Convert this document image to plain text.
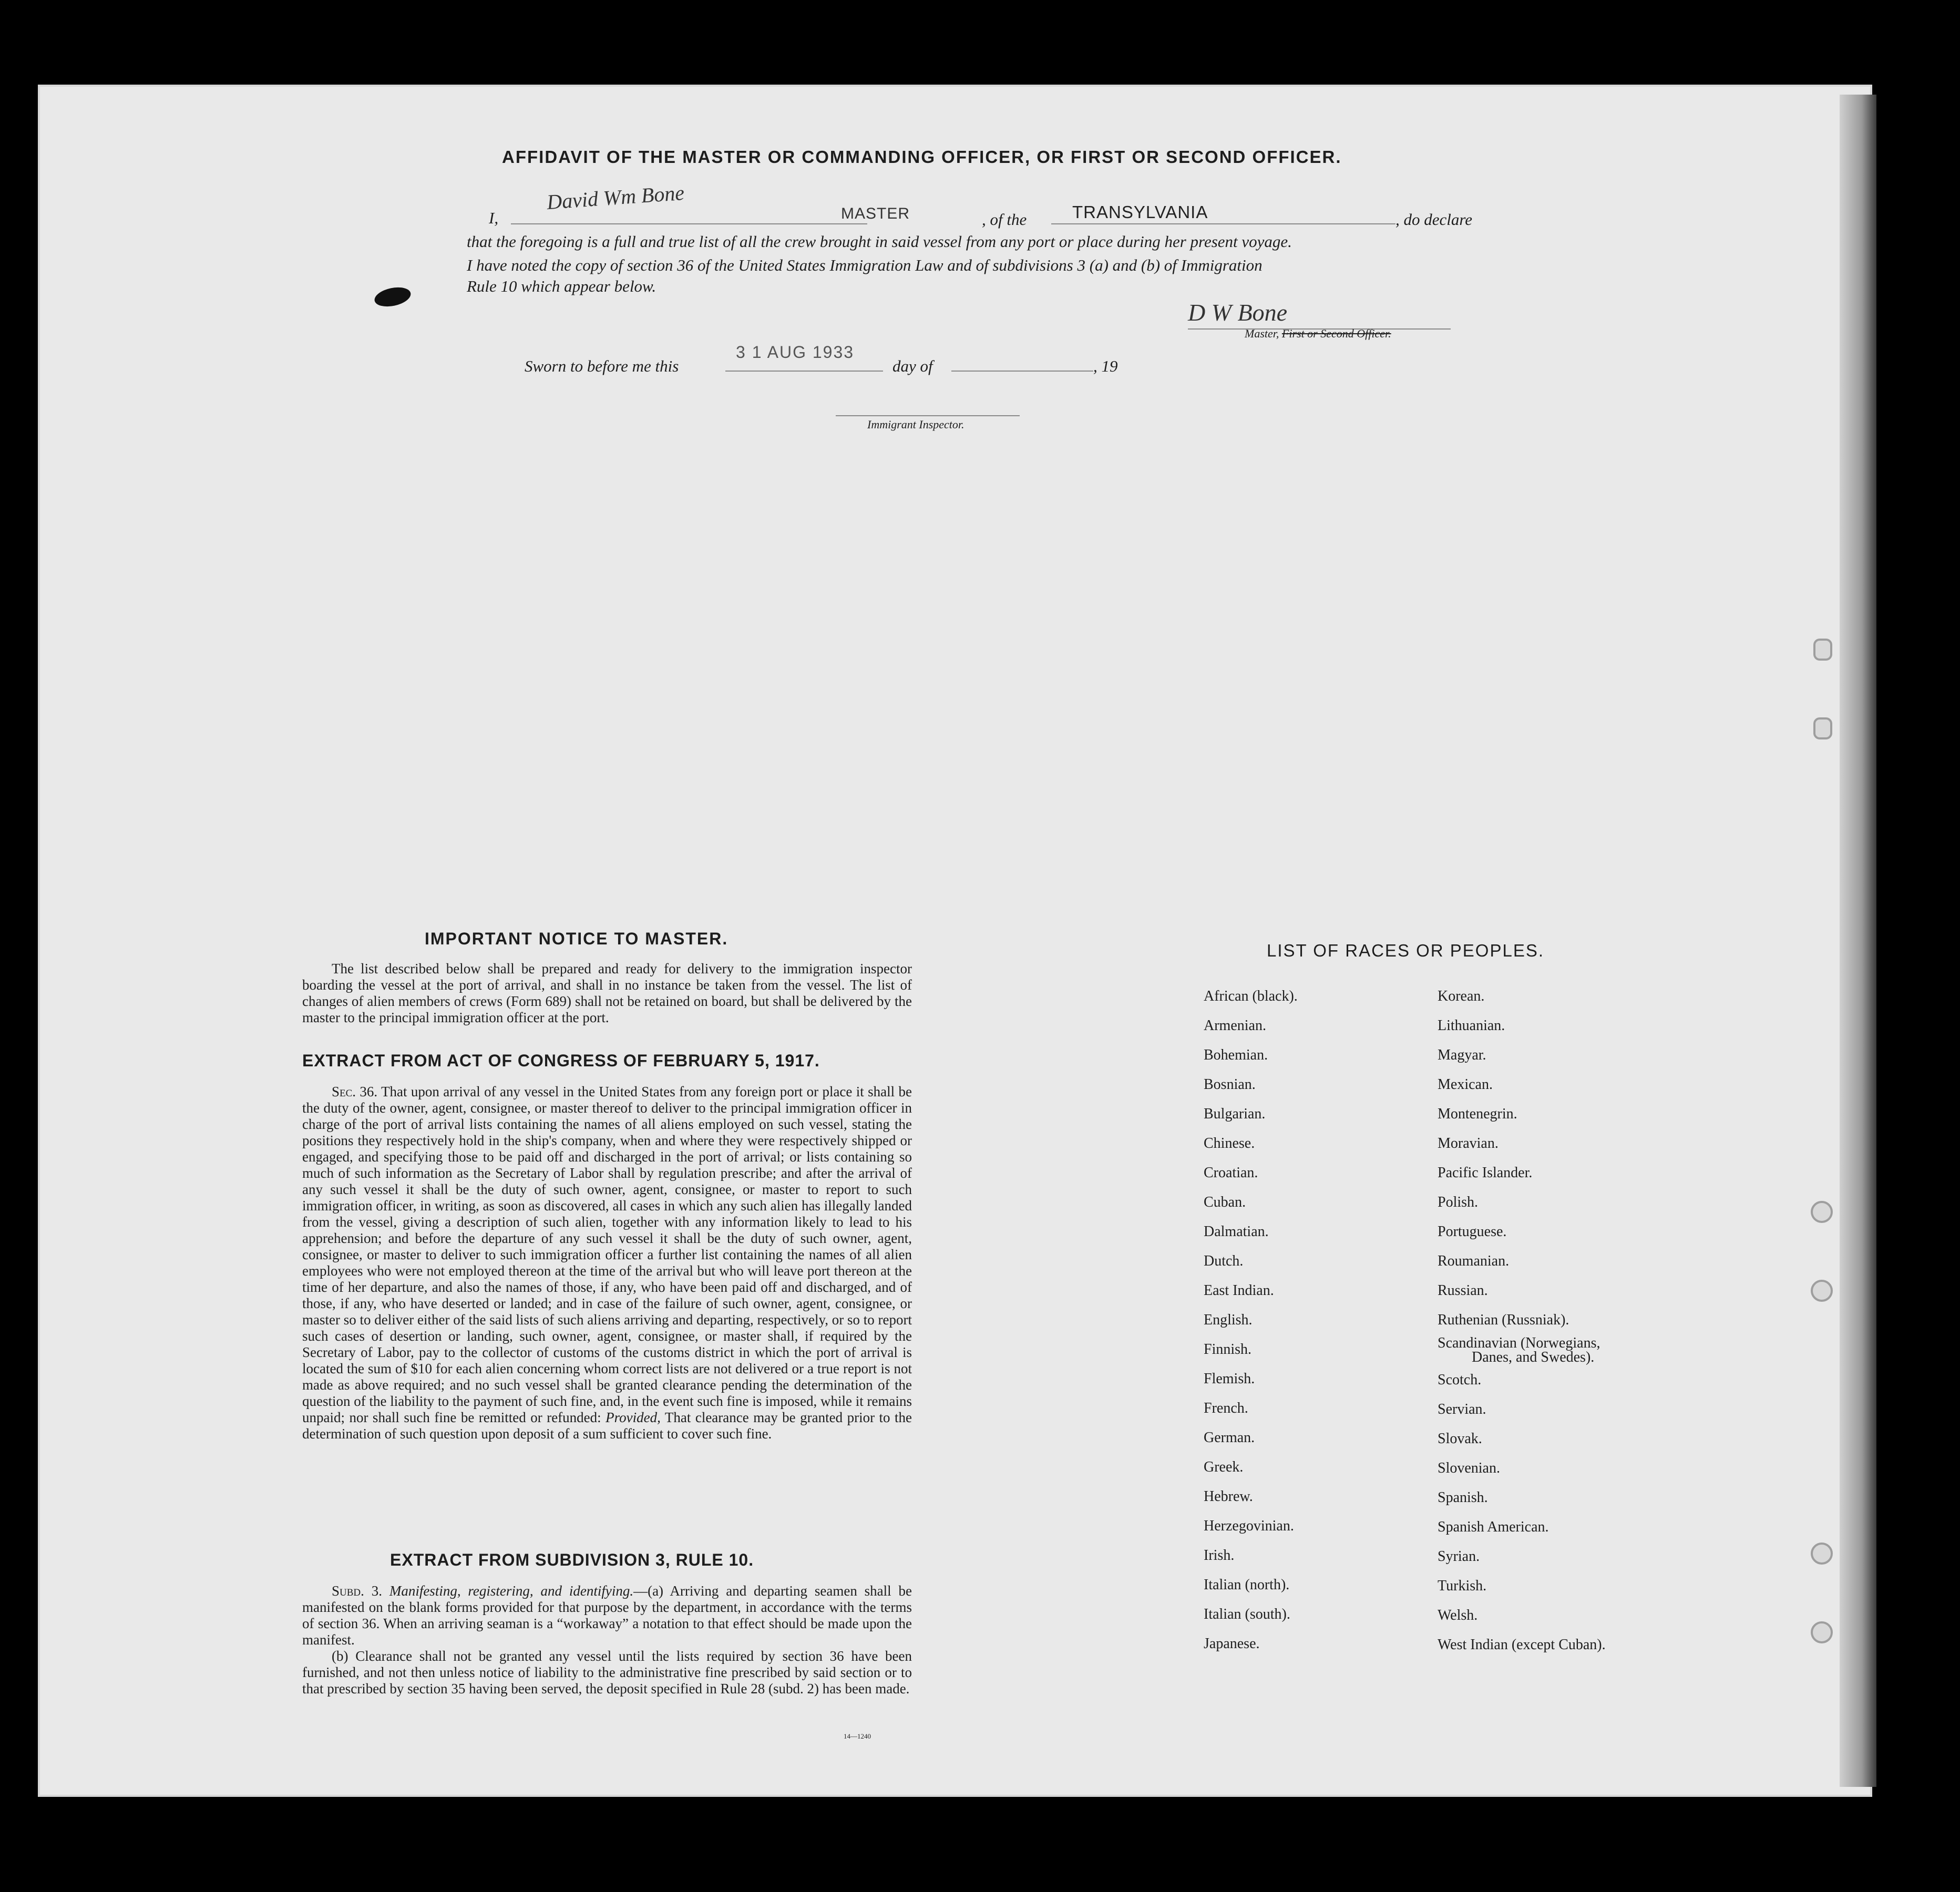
AFFIDAVIT OF THE MASTER OR COMMANDING OFFICER, OR FIRST OR SECOND OFFICER.
I,
David Wm Bone	MASTER	, of the	TRANSYLVANIA	, do declare
that the foregoing is a full and true list of all the crew brought in said vessel from any port or place during her present voyage.
I have noted the copy of section 36 of the United States Immigration Law and of subdivisions 3 (a) and (b) of Immigration
Rule 10 which appear below.
D W Bone
Master, First or Second Officer.
Sworn to before me this
3 1 AUG 1933
day of	, 19
Immigrant Inspector.
IMPORTANT NOTICE TO MASTER.

The list described below shall be prepared and ready for delivery to the immigration inspector boarding the vessel at the port of arrival, and shall in no instance be taken from the vessel. The list of changes of alien members of crews (Form 689) shall not be retained on board, but shall be delivered by the master to the principal immigration officer at the port.

EXTRACT FROM ACT OF CONGRESS OF FEBRUARY 5, 1917.

Sec. 36. That upon arrival of any vessel in the United States from any foreign port or place it shall be the duty of the owner, agent, consignee, or master thereof to deliver to the principal immigration officer in charge of the port of arrival lists containing the names of all aliens employed on such vessel, stating the positions they respectively hold in the ship's company, when and where they were respectively shipped or engaged, and specifying those to be paid off and discharged in the port of arrival; or lists containing so much of such information as the Secretary of Labor shall by regulation prescribe; and after the arrival of any such vessel it shall be the duty of such owner, agent, consignee, or master to report to such immigration officer, in writing, as soon as discovered, all cases in which any such alien has illegally landed from the vessel, giving a description of such alien, together with any information likely to lead to his apprehension; and before the departure of any such vessel it shall be the duty of such owner, agent, consignee, or master to deliver to such immigration officer a further list containing the names of all alien employees who were not employed thereon at the time of the arrival but who will leave port thereon at the time of her departure, and also the names of those, if any, who have been paid off and discharged, and of those, if any, who have deserted or landed; and in case of the failure of such owner, agent, consignee, or master so to deliver either of the said lists of such aliens arriving and departing, respectively, or so to report such cases of desertion or landing, such owner, agent, consignee, or master shall, if required by the Secretary of Labor, pay to the collector of customs of the customs district in which the port of arrival is located the sum of $10 for each alien concerning whom correct lists are not delivered or a true report is not made as above required; and no such vessel shall be granted clearance pending the determination of the question of the liability to the payment of such fine, and, in the event such fine is imposed, while it remains unpaid; nor shall such fine be remitted or refunded: Provided, That clearance may be granted prior to the determination of such question upon deposit of a sum sufficient to cover such fine.

EXTRACT FROM SUBDIVISION 3, RULE 10.

Subd. 3. Manifesting, registering, and identifying.—(a) Arriving and departing seamen shall be manifested on the blank forms provided for that purpose by the department, in accordance with the terms of section 36. When an arriving seaman is a “workaway” a notation to that effect should be made upon the manifest.

(b) Clearance shall not be granted any vessel until the lists required by section 36 have been furnished, and not then unless notice of liability to the administrative fine prescribed by said section or to that prescribed by section 35 having been served, the deposit specified in Rule 28 (subd. 2) has been made.

14—1240
LIST OF RACES OR PEOPLES.
African (black).
Armenian.
Bohemian.
Bosnian.
Bulgarian.
Chinese.
Croatian.
Cuban.
Dalmatian.
Dutch.
East Indian.
English.
Finnish.
Flemish.
French.
German.
Greek.
Hebrew.
Herzegovinian.
Irish.
Italian (north).
Italian (south).
Japanese.
Korean.
Lithuanian.
Magyar.
Mexican.
Montenegrin.
Moravian.
Pacific Islander.
Polish.
Portuguese.
Roumanian.
Russian.
Ruthenian (Russniak).
Scandinavian (Norwegians,
Danes, and Swedes).
Scotch.
Servian.
Slovak.
Slovenian.
Spanish.
Spanish American.
Syrian.
Turkish.
Welsh.
West Indian (except Cuban).
